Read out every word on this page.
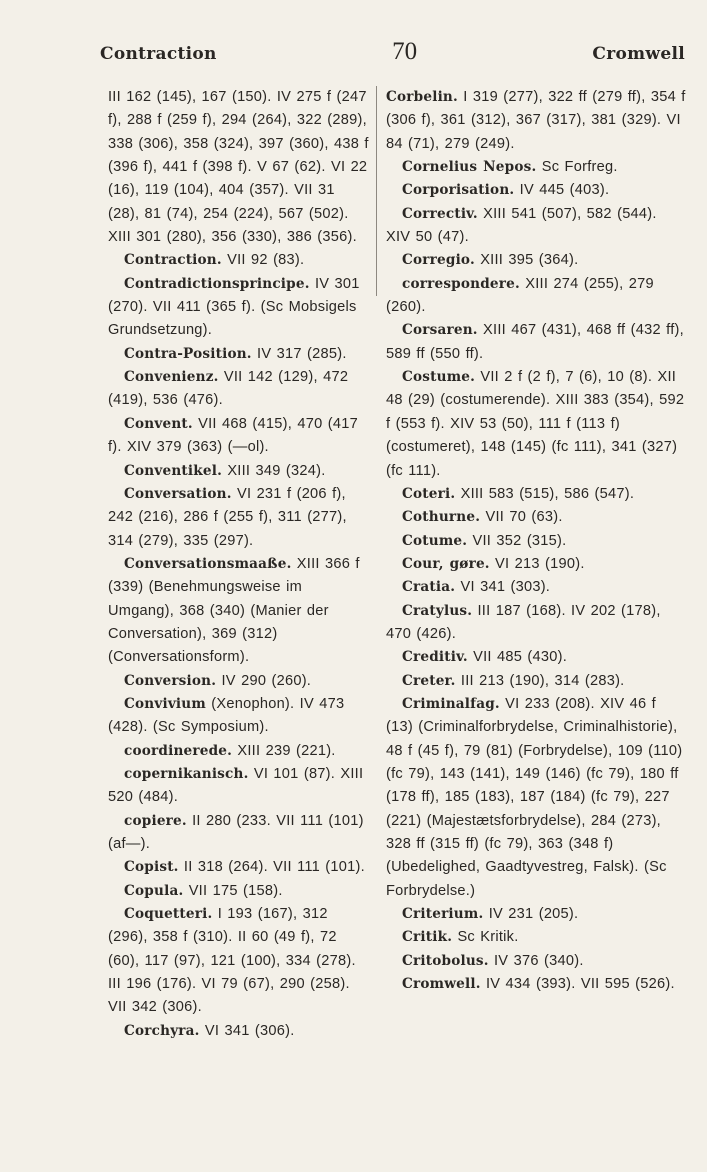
Contraction	70	Cromwell

III 162 (145), 167 (150). IV 275 f (247 f), 288 f (259 f), 294 (264), 322 (289), 338 (306), 358 (324), 397 (360), 438 f (396 f), 441 f (398 f). V 67 (62). VI 22 (16), 119 (104), 404 (357). VII 31 (28), 81 (74), 254 (224), 567 (502). XIII 301 (280), 356 (330), 386 (356).

Contraction. VII 92 (83).

Contradictionsprincipe. IV 301 (270). VII 411 (365 f). (Sc Mobsigels Grundsetzung).

Contra-Position. IV 317 (285).

Convenienz. VII 142 (129), 472 (419), 536 (476).

Convent. VII 468 (415), 470 (417 f). XIV 379 (363) (—ol).

Conventikel. XIII 349 (324).

Conversation. VI 231 f (206 f), 242 (216), 286 f (255 f), 311 (277), 314 (279), 335 (297).

Conversationsmaaße. XIII 366 f (339) (Benehmungsweise im Umgang), 368 (340) (Manier der Conversation), 369 (312) (Conversationsform).

Conversion. IV 290 (260).

Convivium (Xenophon). IV 473 (428). (Sc Symposium).

coordinerede. XIII 239 (221).

copernikanisch. VI 101 (87). XIII 520 (484).

copiere. II 280 (233. VII 111 (101) (af—).

Copist. II 318 (264). VII 111 (101).

Copula. VII 175 (158).

Coquetteri. I 193 (167), 312 (296), 358 f (310). II 60 (49 f), 72 (60), 117 (97), 121 (100), 334 (278). III 196 (176). VI 79 (67), 290 (258). VII 342 (306).

Corchyra. VI 341 (306).

Corbelin. I 319 (277), 322 ff (279 ff), 354 f (306 f), 361 (312), 367 (317), 381 (329). VI 84 (71), 279 (249).

Cornelius Nepos. Sc Forfreg.

Corporisation. IV 445 (403).

Correctiv. XIII 541 (507), 582 (544). XIV 50 (47).

Corregio. XIII 395 (364).

correspondere. XIII 274 (255), 279 (260).

Corsaren. XIII 467 (431), 468 ff (432 ff), 589 ff (550 ff).

Costume. VII 2 f (2 f), 7 (6), 10 (8). XII 48 (29) (costumerende). XIII 383 (354), 592 f (553 f). XIV 53 (50), 111 f (113 f) (costumeret), 148 (145) (fc 111), 341 (327) (fc 111).

Coteri. XIII 583 (515), 586 (547).

Cothurne. VII 70 (63).

Cotume. VII 352 (315).

Cour, gøre. VI 213 (190).

Cratia. VI 341 (303).

Cratylus. III 187 (168). IV 202 (178), 470 (426).

Creditiv. VII 485 (430).

Creter. III 213 (190), 314 (283).

Criminalfag. VI 233 (208). XIV 46 f (13) (Criminalforbrydelse, Criminalhistorie), 48 f (45 f), 79 (81) (Forbrydelse), 109 (110) (fc 79), 143 (141), 149 (146) (fc 79), 180 ff (178 ff), 185 (183), 187 (184) (fc 79), 227 (221) (Majestætsforbrydelse), 284 (273), 328 ff (315 ff) (fc 79), 363 (348 f) (Ubedelighed, Gaadtyvestreg, Falsk). (Sc Forbrydelse.)

Criterium. IV 231 (205).

Critik. Sc Kritik.

Critobolus. IV 376 (340).

Cromwell. IV 434 (393). VII 595 (526).
